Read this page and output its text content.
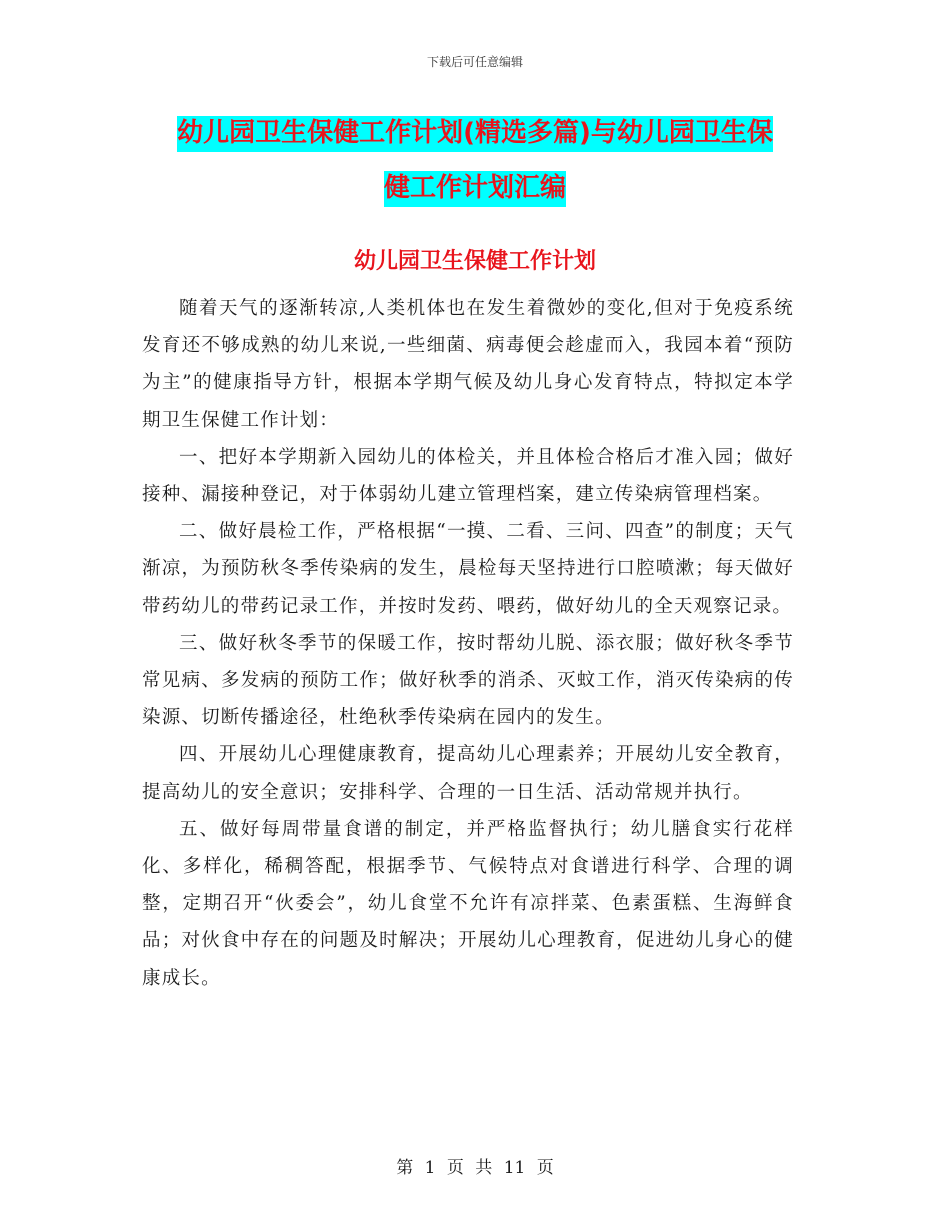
下载后可任意编辑
幼儿园卫生保健工作计划(精选多篇)与幼儿园卫生保
健工作计划汇编
幼儿园卫生保健工作计划

随着天气的逐渐转凉,人类机体也在发生着微妙的变化,但对于免疫系统发育还不够成熟的幼儿来说,一些细菌、病毒便会趁虚而入，我园本着“预防为主”的健康指导方针，根据本学期气候及幼儿身心发育特点，特拟定本学期卫生保健工作计划：

一、把好本学期新入园幼儿的体检关，并且体检合格后才准入园；做好接种、漏接种登记，对于体弱幼儿建立管理档案，建立传染病管理档案。

二、做好晨检工作，严格根据“一摸、二看、三问、四查”的制度；天气渐凉，为预防秋冬季传染病的发生，晨检每天坚持进行口腔喷漱；每天做好带药幼儿的带药记录工作，并按时发药、喂药，做好幼儿的全天观察记录。

三、做好秋冬季节的保暖工作，按时帮幼儿脱、添衣服；做好秋冬季节常见病、多发病的预防工作；做好秋季的消杀、灭蚊工作，消灭传染病的传染源、切断传播途径，杜绝秋季传染病在园内的发生。

四、开展幼儿心理健康教育，提高幼儿心理素养；开展幼儿安全教育，提高幼儿的安全意识；安排科学、合理的一日生活、活动常规并执行。

五、做好每周带量食谱的制定，并严格监督执行；幼儿膳食实行花样化、多样化，稀稠答配，根据季节、气候特点对食谱进行科学、合理的调整，定期召开“伙委会”，幼儿食堂不允许有凉拌菜、色素蛋糕、生海鲜食品；对伙食中存在的问题及时解决；开展幼儿心理教育，促进幼儿身心的健康成长。

第 1 页 共 11 页
